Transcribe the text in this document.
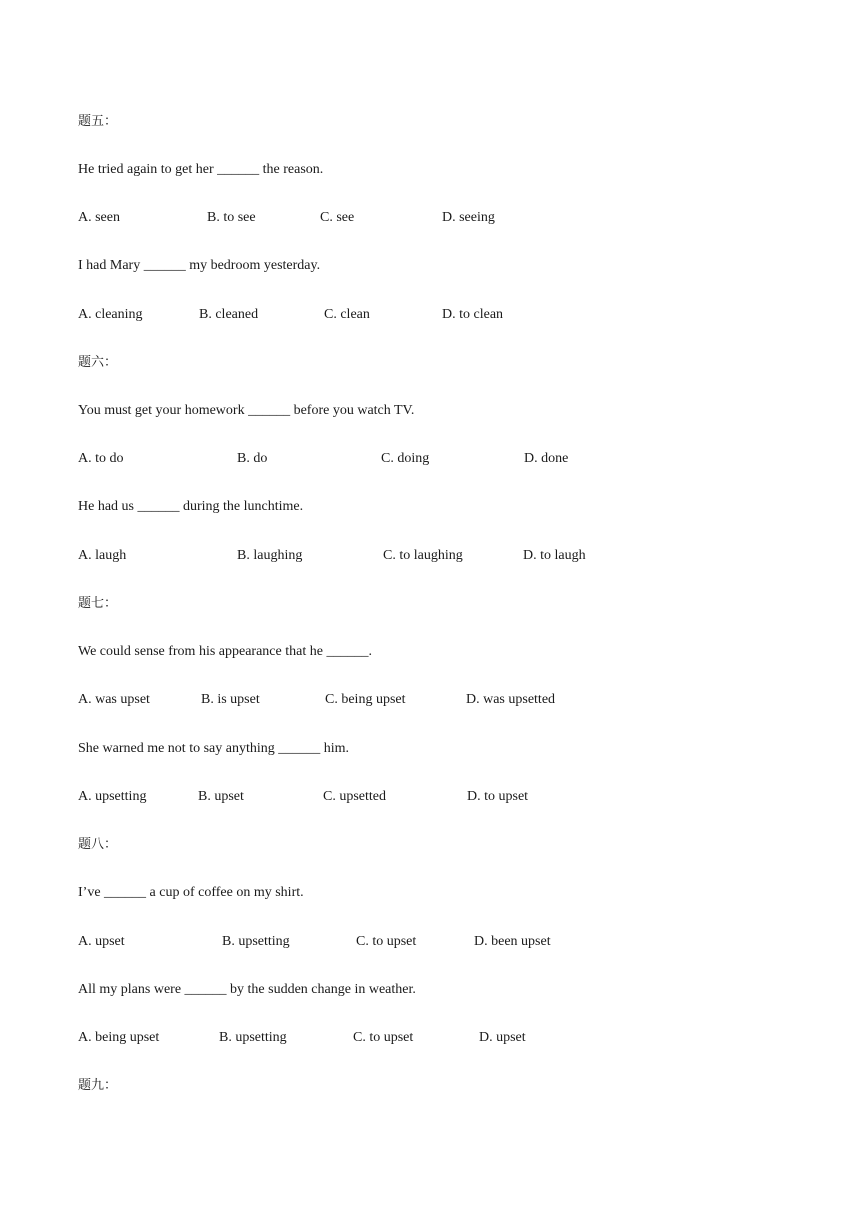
题五：
He tried again to get her ______ the reason.
A. seen	B. to see	C. see	D. seeing
I had Mary ______ my bedroom yesterday.
A. cleaning	B. cleaned	C. clean	D. to clean
题六：
You must get your homework ______ before you watch TV.
A. to do	B. do	C. doing	D. done
He had us ______ during the lunchtime.
A. laugh	B. laughing	C. to laughing	D. to laugh
题七：
We could sense from his appearance that he ______.
A. was upset	B. is upset	C. being upset	D. was upsetted
She warned me not to say anything ______ him.
A. upsetting	B. upset	C. upsetted	D. to upset
题八：
I’ve ______ a cup of coffee on my shirt.
A. upset	B. upsetting	C. to upset	D. been upset
All my plans were ______ by the sudden change in weather.
A. being upset	B. upsetting	C. to upset	D. upset
题九：
